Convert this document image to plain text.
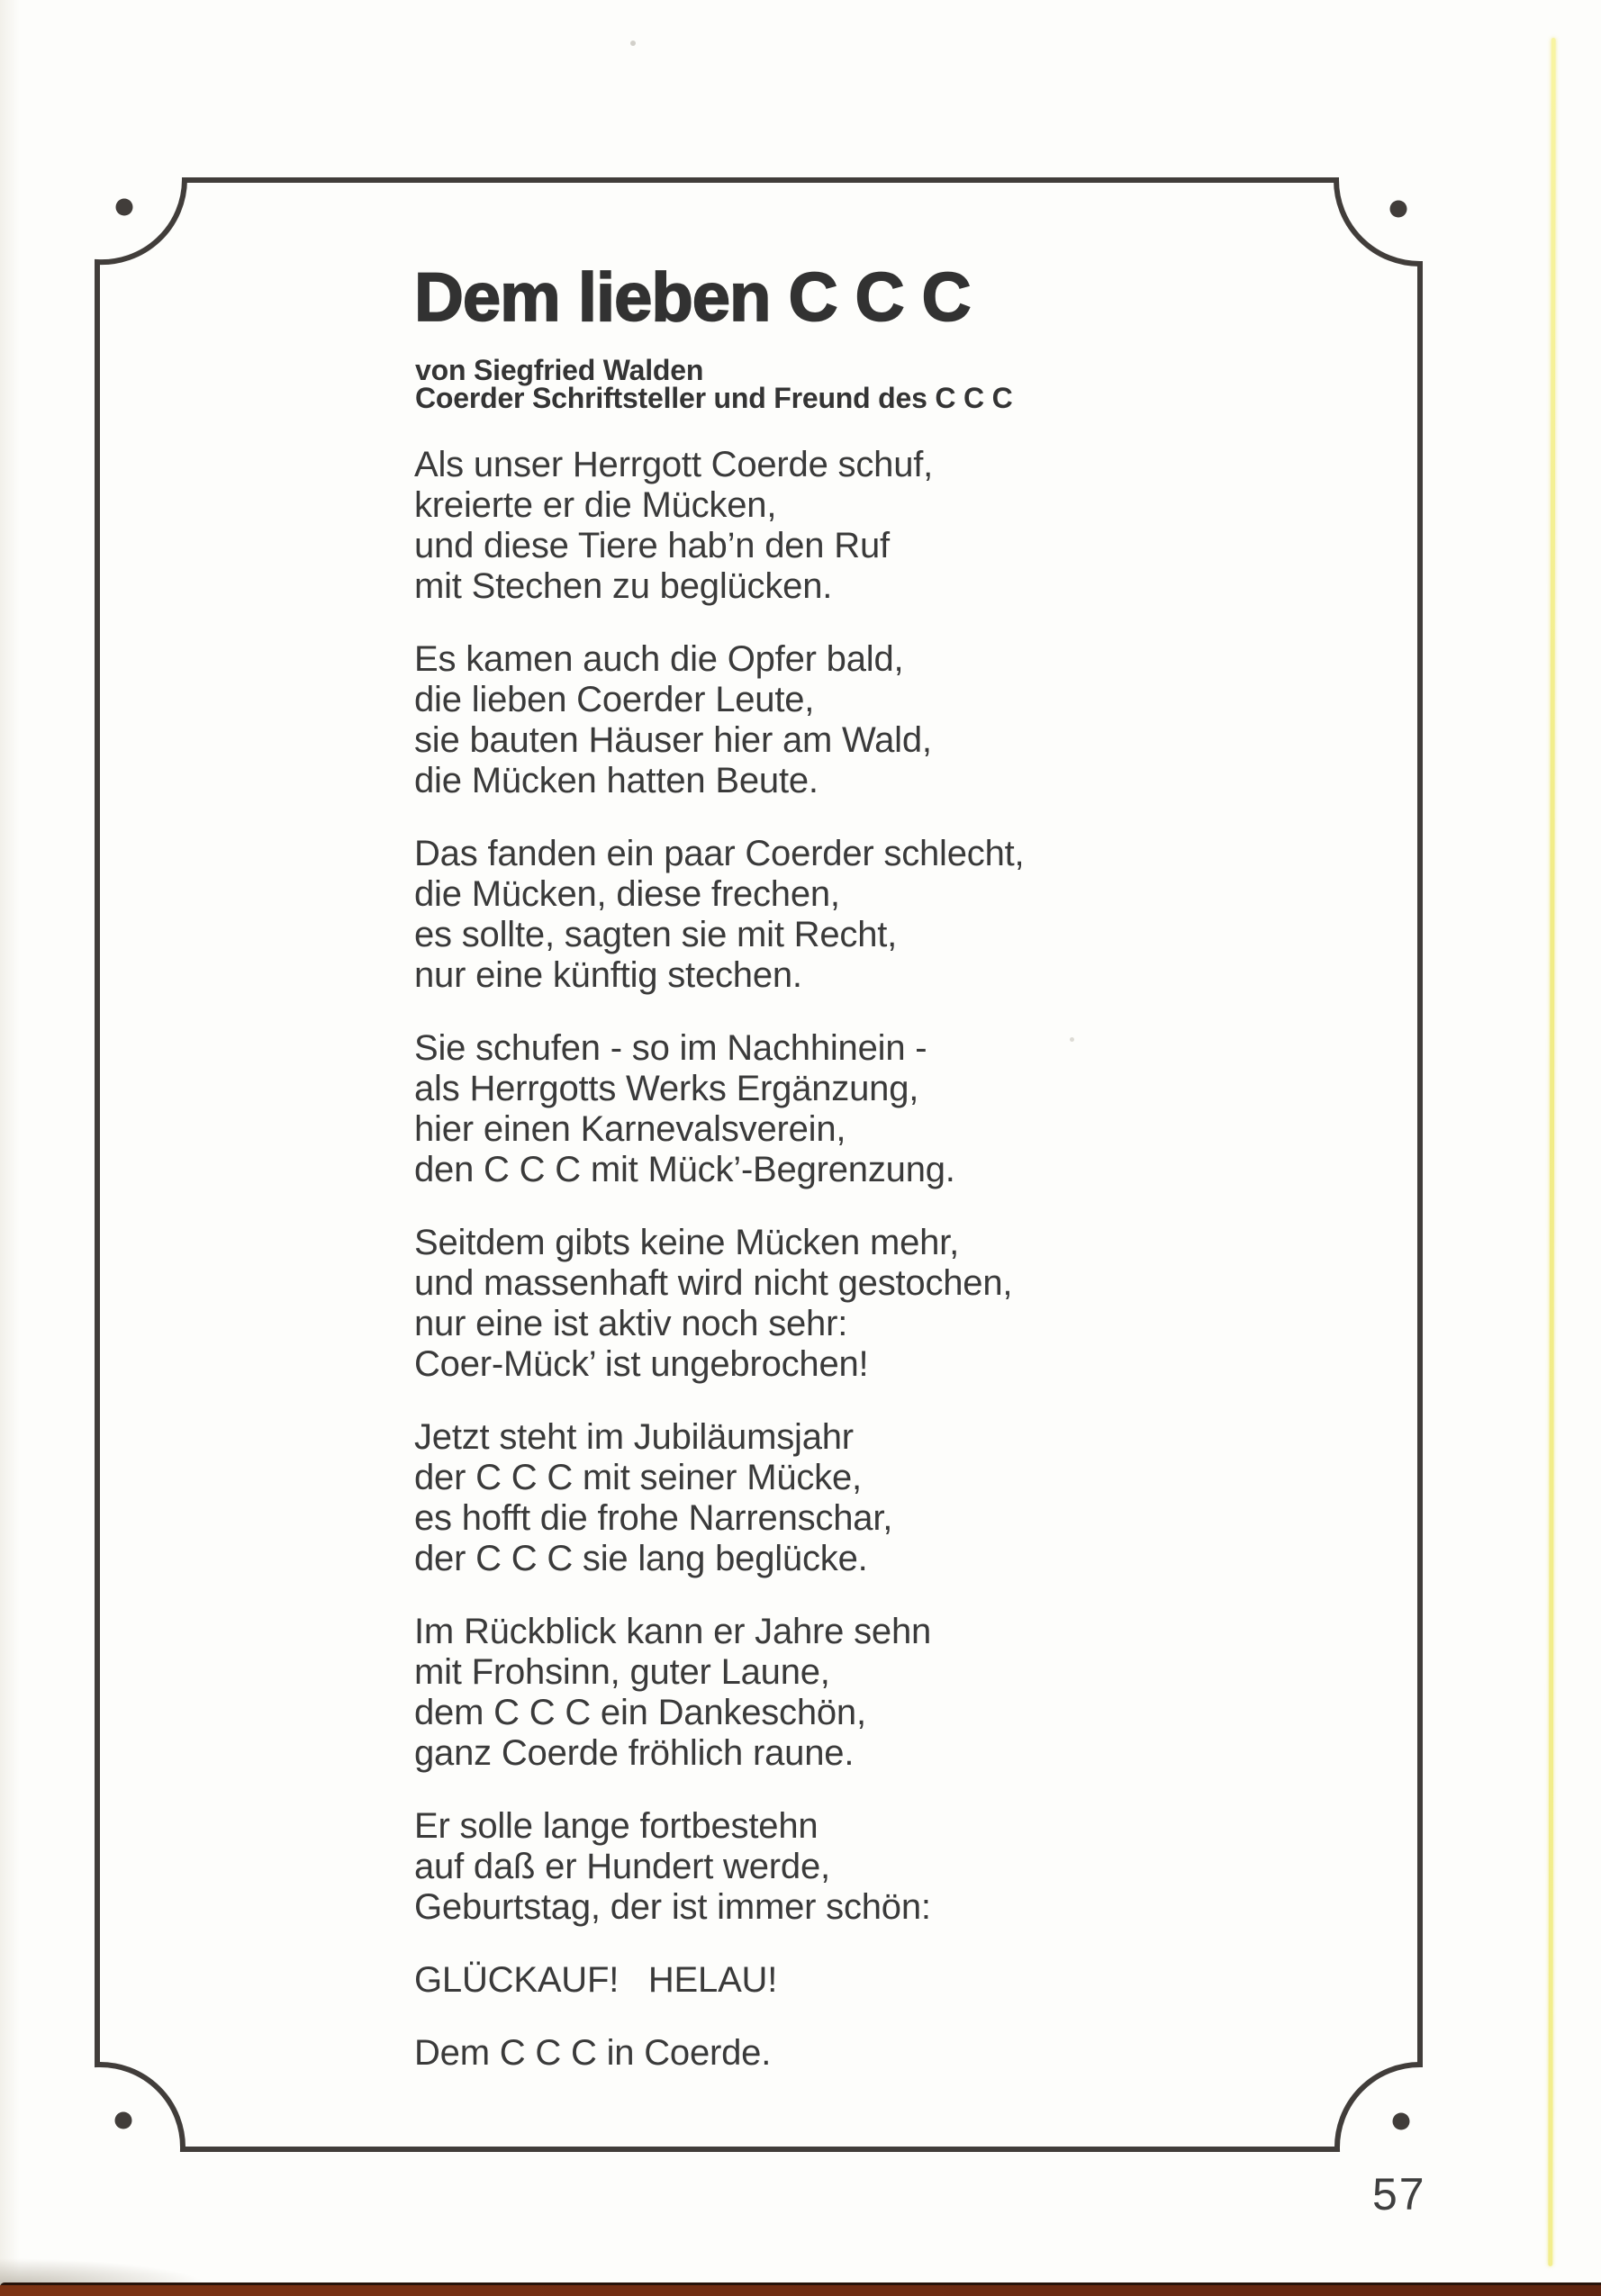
Dem lieben C C C
von Siegfried Walden
Coerder Schriftsteller und Freund des C C C
Als unser Herrgott Coerde schuf,
kreierte er die Mücken,
und diese Tiere hab’n den Ruf
mit Stechen zu beglücken.
Es kamen auch die Opfer bald,
die lieben Coerder Leute,
sie bauten Häuser hier am Wald,
die Mücken hatten Beute.
Das fanden ein paar Coerder schlecht,
die Mücken, diese frechen,
es sollte, sagten sie mit Recht,
nur eine künftig stechen.
Sie schufen - so im Nachhinein -
als Herrgotts Werks Ergänzung,
hier einen Karnevalsverein,
den C C C mit Mück’-Begrenzung.
Seitdem gibts keine Mücken mehr,
und massenhaft wird nicht gestochen,
nur eine ist aktiv noch sehr:
Coer-Mück’ ist ungebrochen!
Jetzt steht im Jubiläumsjahr
der C C C mit seiner Mücke,
es hofft die frohe Narrenschar,
der C C C sie lang beglücke.
Im Rückblick kann er Jahre sehn
mit Frohsinn, guter Laune,
dem C C C ein Dankeschön,
ganz Coerde fröhlich raune.
Er solle lange fortbestehn
auf daß er Hundert werde,
Geburtstag, der ist immer schön:
GLÜCKAUF!   HELAU!
Dem C C C in Coerde.
57
